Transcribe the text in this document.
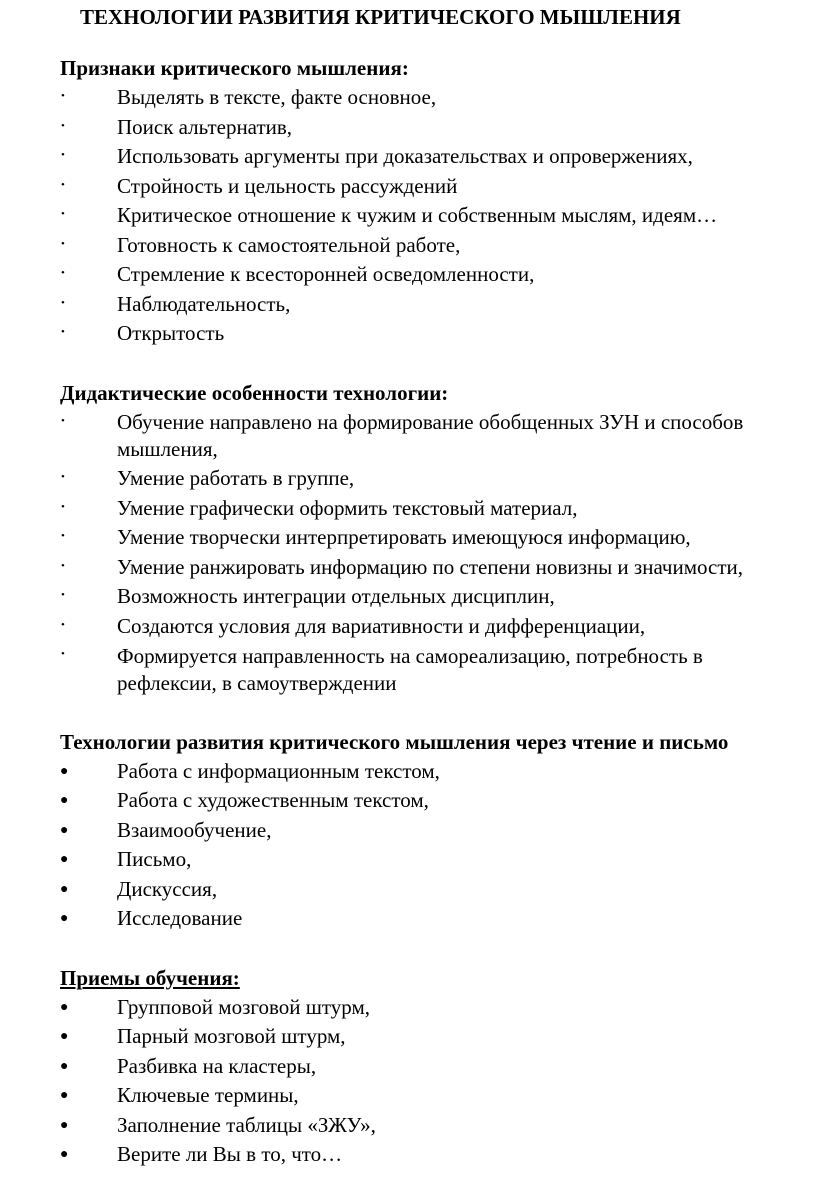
ТЕХНОЛОГИИ РАЗВИТИЯ КРИТИЧЕСКОГО МЫШЛЕНИЯ
Признаки критического мышления:
•
Выделять в тексте, факте основное,
•
Поиск альтернатив,
•
Использовать аргументы при доказательствах и опровержениях,
•
Стройность и цельность рассуждений
•
Критическое отношение к чужим и собственным мыслям, идеям…
•
Готовность к самостоятельной работе,
•
Стремление к всесторонней осведомленности,
•
Наблюдательность,
•
Открытость
Дидактические особенности технологии:
•
Обучение направлено на формирование обобщенных ЗУН и способов мышления,
•
Умение работать в группе,
•
Умение графически оформить текстовый материал,
•
Умение творчески интерпретировать имеющуюся информацию,
•
Умение ранжировать информацию по степени новизны и значимости,
•
Возможность интеграции отдельных дисциплин,
•
Создаются условия для вариативности и дифференциации,
•
Формируется направленность на самореализацию, потребность в рефлексии, в самоутверждении
Технологии развития критического мышления через чтение и письмо
●
Работа с информационным текстом,
●
Работа с художественным текстом,
●
Взаимообучение,
●
Письмо,
●
Дискуссия,
●
Исследование
Приемы обучения:
●
Групповой мозговой штурм,
●
Парный мозговой штурм,
●
Разбивка на кластеры,
●
Ключевые термины,
●
Заполнение таблицы «ЗЖУ»,
●
Верите ли Вы в то, что…
